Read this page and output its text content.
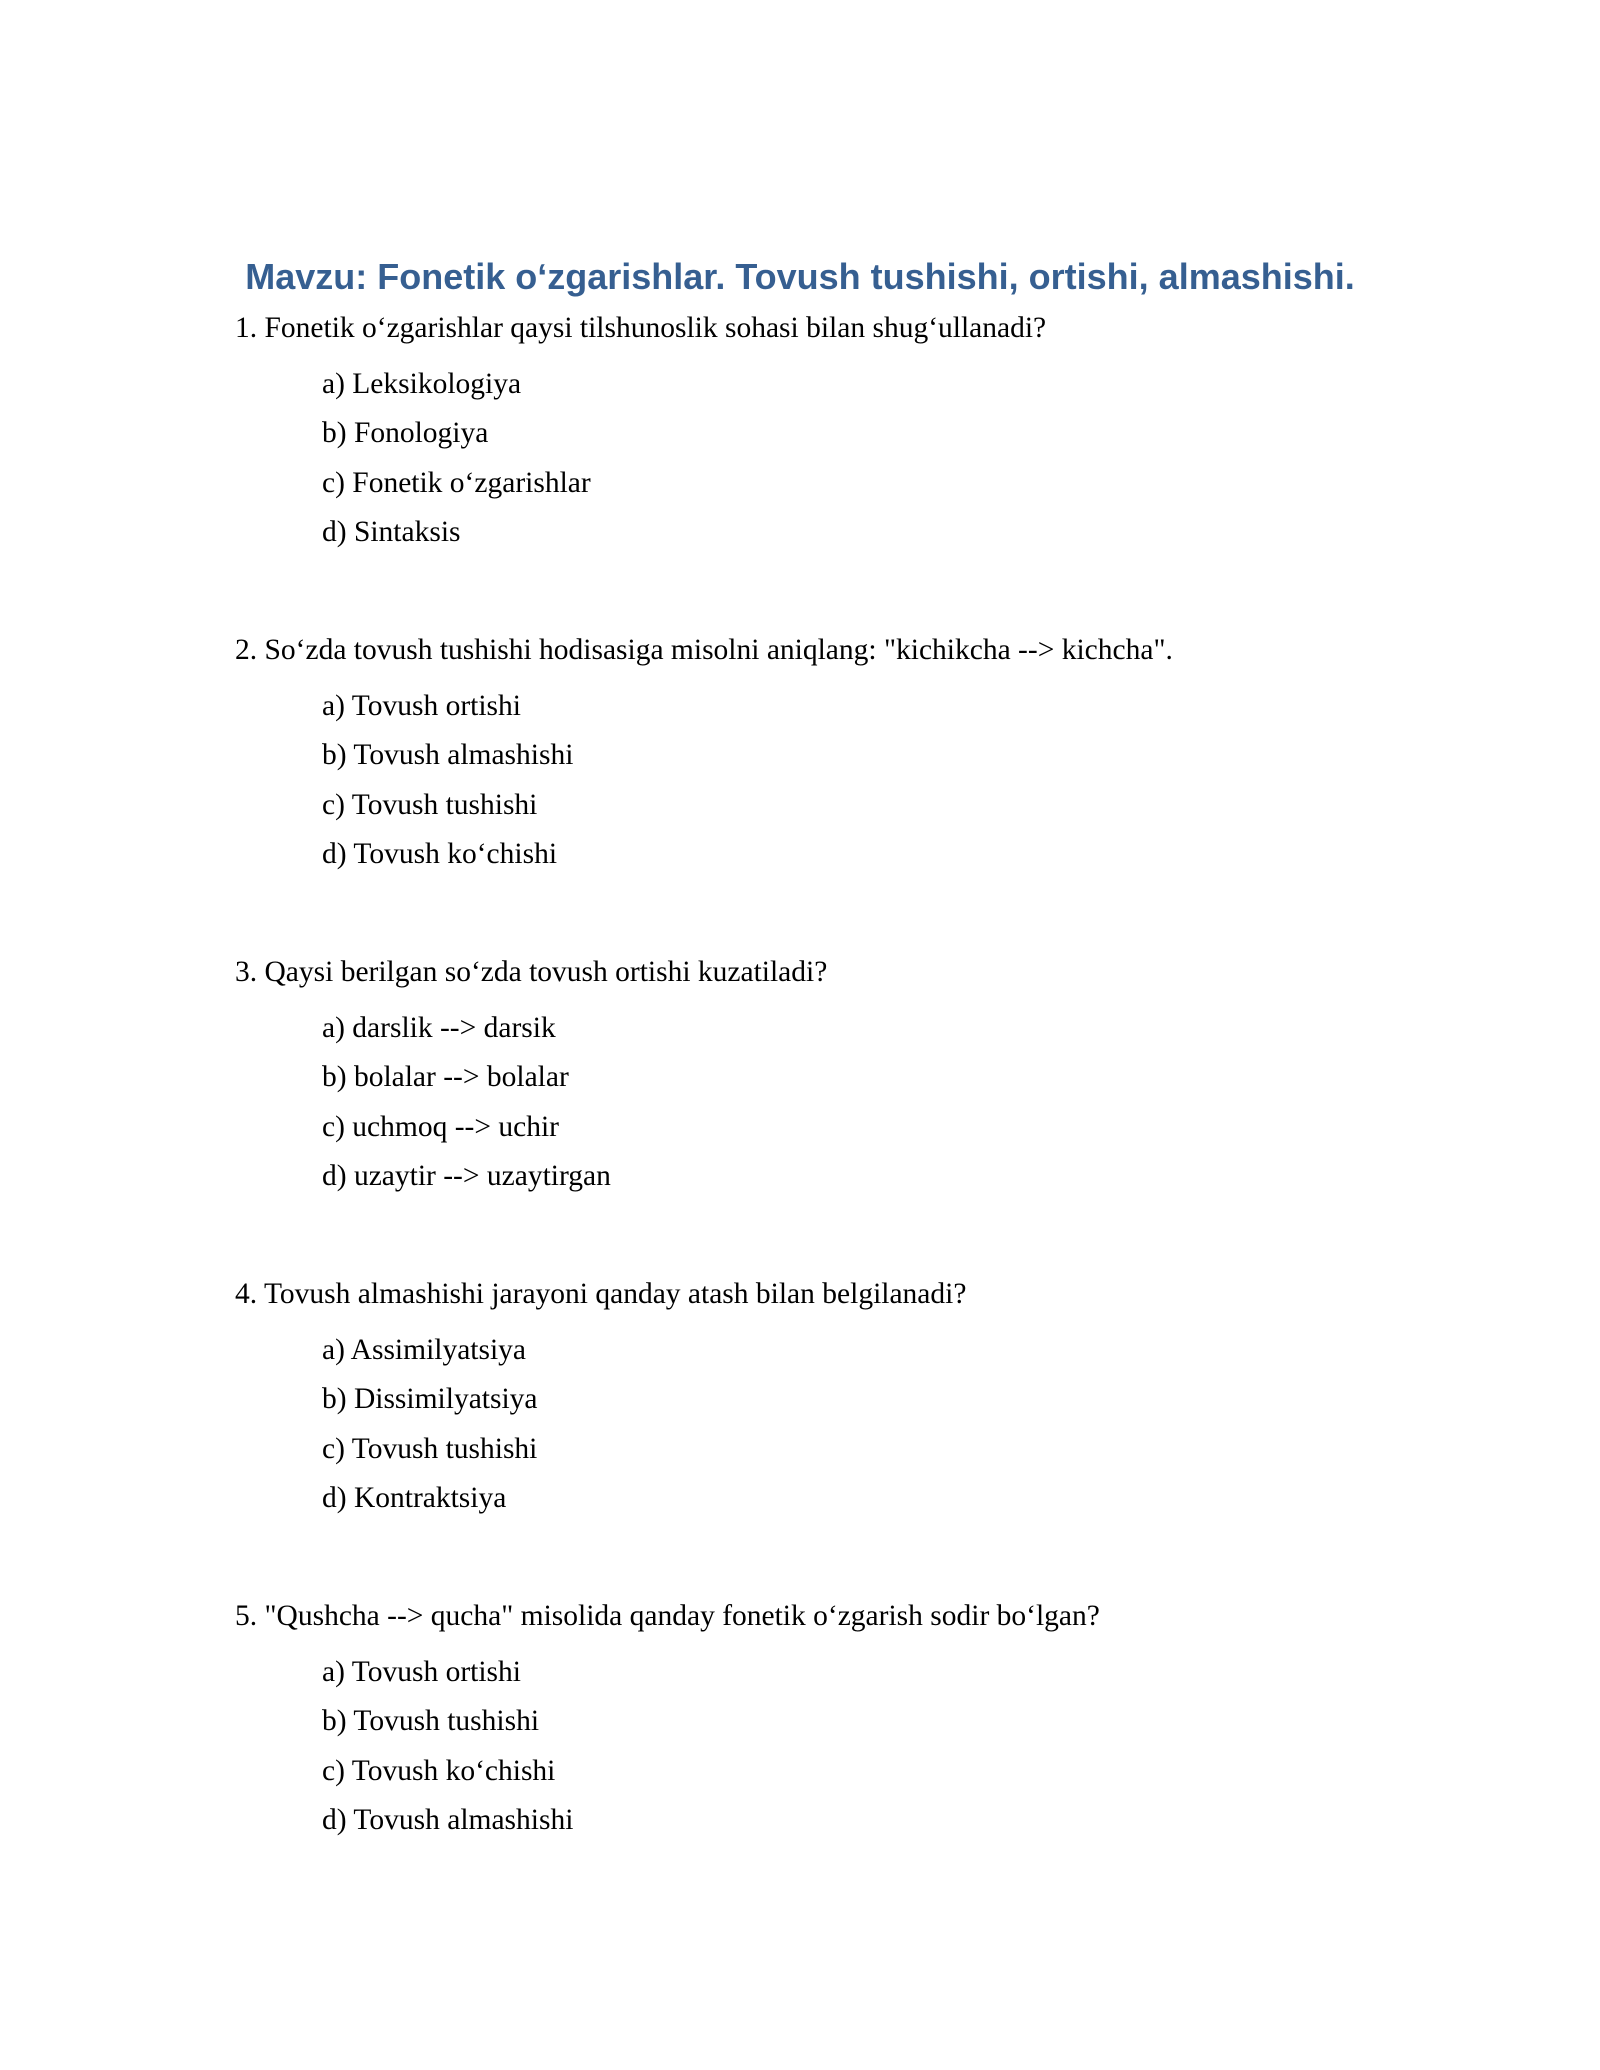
Mavzu: Fonetik oʻzgarishlar. Tovush tushishi, ortishi, almashishi.

1. Fonetik oʻzgarishlar qaysi tilshunoslik sohasi bilan shugʻullanadi?

a) Leksikologiya
b) Fonologiya
c) Fonetik oʻzgarishlar
d) Sintaksis

2. Soʻzda tovush tushishi hodisasiga misolni aniqlang: "kichikcha --> kichcha".

a) Tovush ortishi
b) Tovush almashishi
c) Tovush tushishi
d) Tovush koʻchishi

3. Qaysi berilgan soʻzda tovush ortishi kuzatiladi?

a) darslik --> darsik
b) bolalar --> bolalar
c) uchmoq --> uchir
d) uzaytir --> uzaytirgan

4. Tovush almashishi jarayoni qanday atash bilan belgilanadi?

a) Assimilyatsiya
b) Dissimilyatsiya
c) Tovush tushishi
d) Kontraktsiya

5. "Qushcha --> qucha" misolida qanday fonetik oʻzgarish sodir boʻlgan?

a) Tovush ortishi
b) Tovush tushishi
c) Tovush koʻchishi
d) Tovush almashishi
